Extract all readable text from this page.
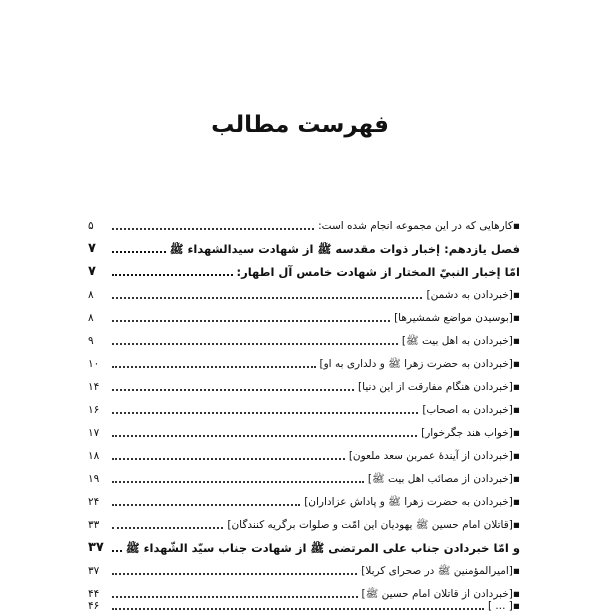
فهرست مطالب
▪کارهایی که در این مجموعه انجام شده است:
۵
فصل یازدهم: إخبار ذوات مقدسه ﷺ از شهادت سیدالشهداء ﷺ
۷
امّا إخبار النبيّ المختار از شهادت خامس آل اطهار:
۷
▪[خبردادن به دشمن]
۸
▪[بوسیدن مواضع شمشیرها]
۸
▪[خبردادن به اهل بیت ﷺ]
۹
▪[خبردادن به حضرت زهرا ﷺ و دلداری به او]
۱۰
▪[خبردادن هنگام مفارقت از این دنیا]
۱۴
▪[خبردادن به اصحاب]
۱۶
▪[خواب هند جگرخوار]
۱۷
▪[خبردادن از آیندهٔ عمربن سعد ملعون]
۱۸
▪[خبردادن از مصائب اهل بیت ﷺ]
۱۹
▪[خبردادن به حضرت زهرا ﷺ و پاداش عزاداران]
۲۴
▪[قاتلان امام حسین ﷺ یهودیان این امّت و صلوات برگریه کنندگان]
۳۳
و امّا خبردادن جناب علی المرتضی ﷺ از شهادت جناب سیّد الشّهداء ﷺ
۳۷
▪[امیرالمؤمنین ﷺ در صحرای کربلا]
۳۷
▪[خبردادن از قاتلان امام حسین ﷺ]
۴۴
▪[ ... ]
۴۶
